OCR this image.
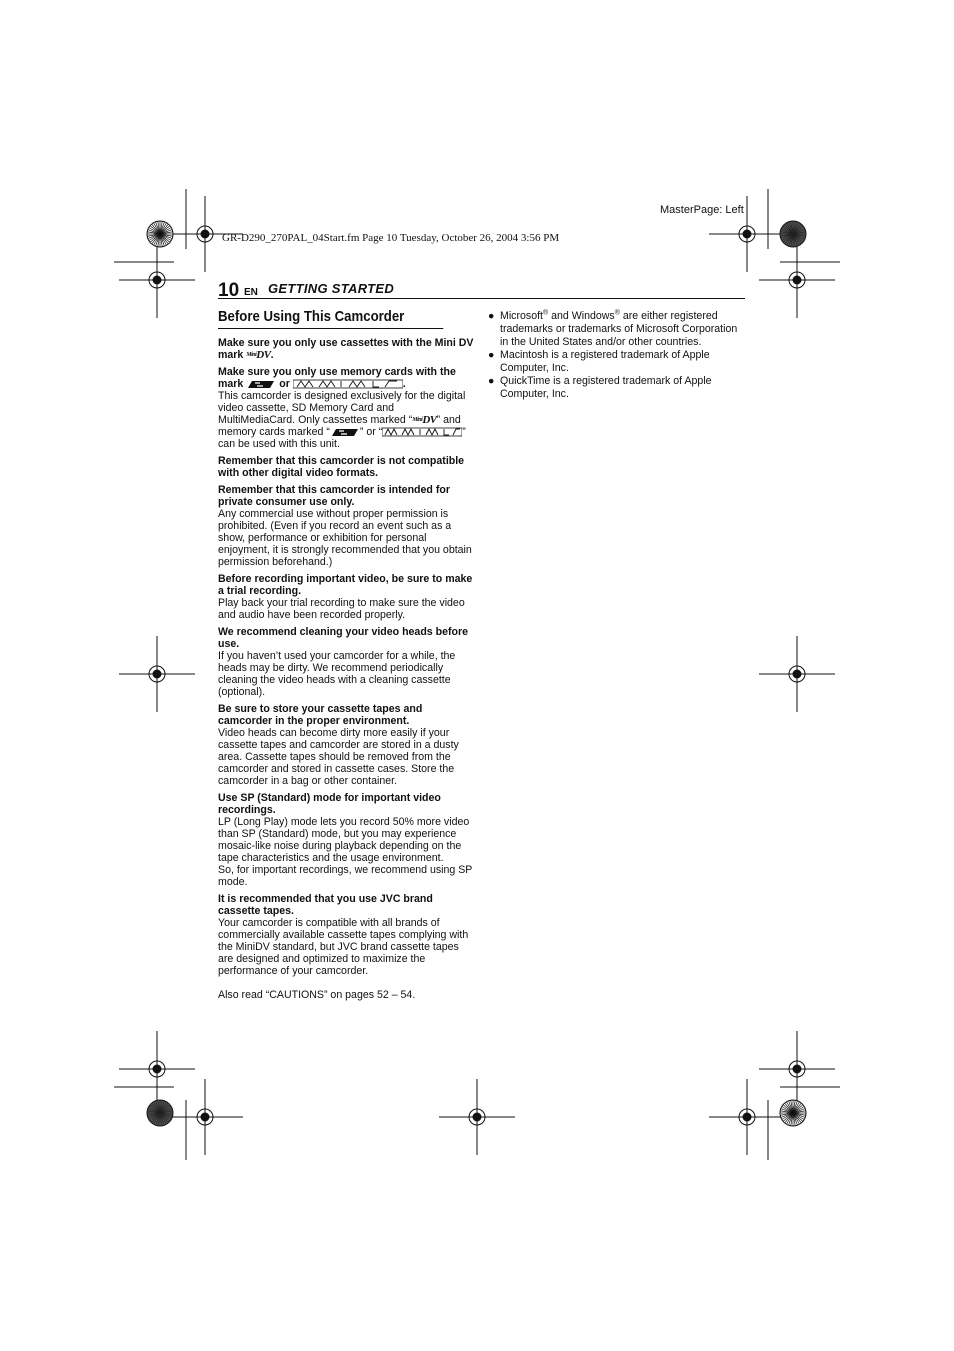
MasterPage: Left
GR-D290_270PAL_04Start.fm Page 10 Tuesday, October 26, 2004 3:56 PM
10 EN GETTING STARTED
Before Using This Camcorder

Make sure you only use cassettes with the Mini DV mark $^{Mini}$DV.

Make sure you only use memory cards with the mark	or	.
This camcorder is designed exclusively for the digital video cassette, SD Memory Card and MultiMediaCard. Only cassettes marked “$^{Mini}$DV” and memory cards marked “	” or “	” can be used with this unit.

Remember that this camcorder is not compatible with other digital video formats.

Remember that this camcorder is intended for private consumer use only.
Any commercial use without proper permission is prohibited. (Even if you record an event such as a show, performance or exhibition for personal enjoyment, it is strongly recommended that you obtain permission beforehand.)

Before recording important video, be sure to make a trial recording.
Play back your trial recording to make sure the video and audio have been recorded properly.

We recommend cleaning your video heads before use.
If you haven’t used your camcorder for a while, the heads may be dirty. We recommend periodically cleaning the video heads with a cleaning cassette (optional).

Be sure to store your cassette tapes and camcorder in the proper environment.
Video heads can become dirty more easily if your cassette tapes and camcorder are stored in a dusty area. Cassette tapes should be removed from the camcorder and stored in cassette cases. Store the camcorder in a bag or other container.

Use SP (Standard) mode for important video recordings.
LP (Long Play) mode lets you record 50% more video than SP (Standard) mode, but you may experience mosaic-like noise during playback depending on the tape characteristics and the usage environment.
So, for important recordings, we recommend using SP mode.

It is recommended that you use JVC brand cassette tapes.
Your camcorder is compatible with all brands of commercially available cassette tapes complying with the MiniDV standard, but JVC brand cassette tapes are designed and optimized to maximize the performance of your camcorder.

Also read “CAUTIONS” on pages 52 – 54.

● Microsoft® and Windows® are either registered trademarks or trademarks of Microsoft Corporation in the United States and/or other countries.
● Macintosh is a registered trademark of Apple Computer, Inc.
● QuickTime is a registered trademark of Apple Computer, Inc.
